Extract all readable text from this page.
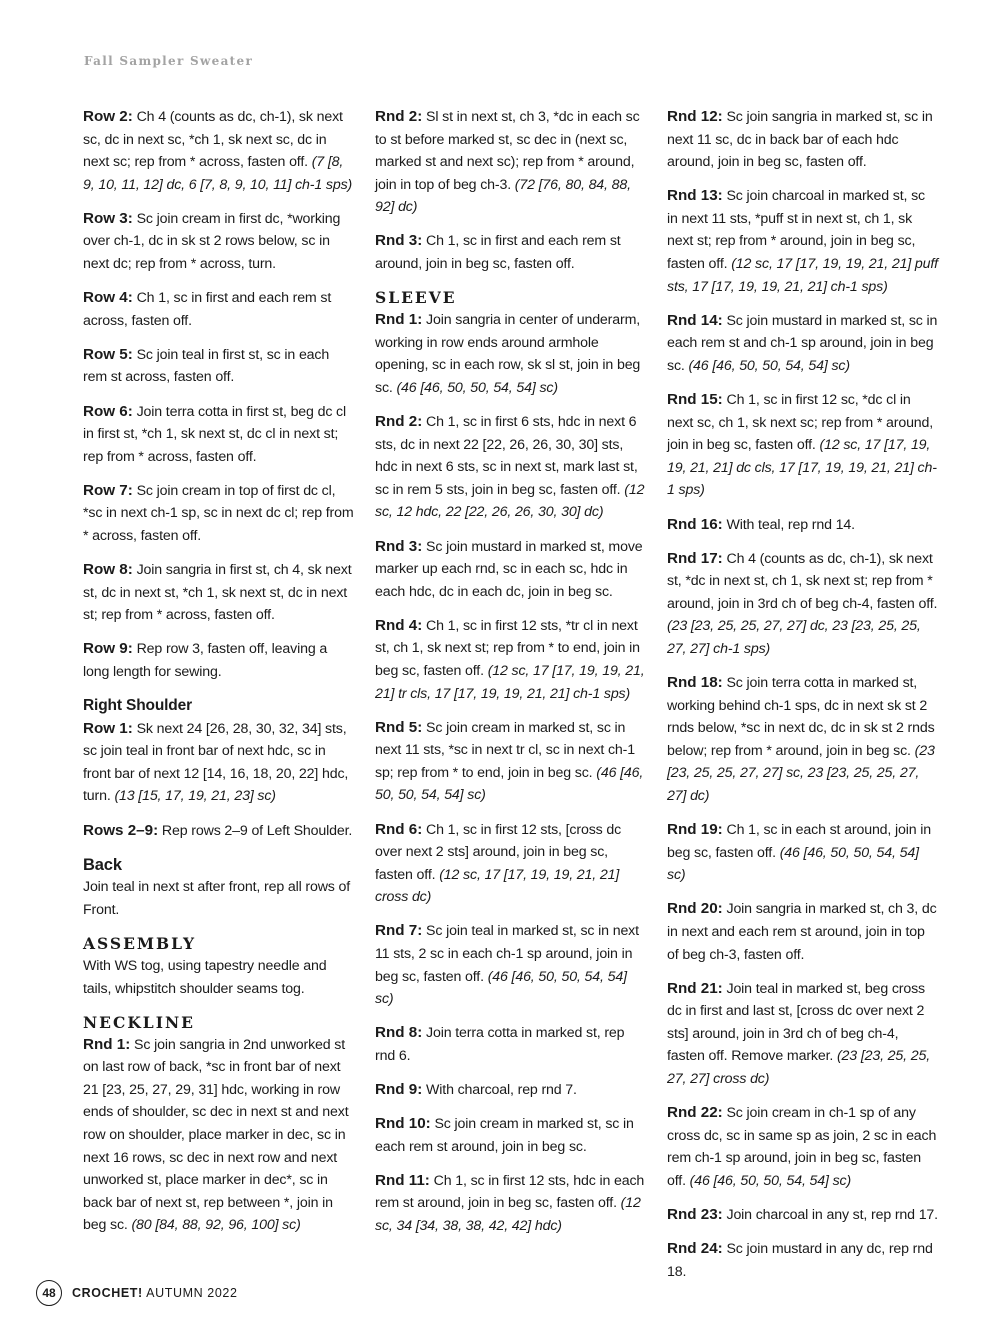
Fall Sampler Sweater

Row 2: Ch 4 (counts as dc, ch-1), sk next sc, dc in next sc, *ch 1, sk next sc, dc in next sc; rep from * across, fasten off. (7 [8, 9, 10, 11, 12] dc, 6 [7, 8, 9, 10, 11] ch-1 sps)

Row 3: Sc join cream in first dc, *working over ch-1, dc in sk st 2 rows below, sc in next dc; rep from * across, turn.

Row 4: Ch 1, sc in first and each rem st across, fasten off.

Row 5: Sc join teal in first st, sc in each rem st across, fasten off.

Row 6: Join terra cotta in first st, beg dc cl in first st, *ch 1, sk next st, dc cl in next st; rep from * across, fasten off.

Row 7: Sc join cream in top of first dc cl, *sc in next ch-1 sp, sc in next dc cl; rep from * across, fasten off.

Row 8: Join sangria in first st, ch 4, sk next st, dc in next st, *ch 1, sk next st, dc in next st; rep from * across, fasten off.

Row 9: Rep row 3, fasten off, leaving a long length for sewing.

Right Shoulder

Row 1: Sk next 24 [26, 28, 30, 32, 34] sts, sc join teal in front bar of next hdc, sc in front bar of next 12 [14, 16, 18, 20, 22] hdc, turn. (13 [15, 17, 19, 21, 23] sc)

Rows 2–9: Rep rows 2–9 of Left Shoulder.

Back

Join teal in next st after front, rep all rows of Front.

ASSEMBLY

With WS tog, using tapestry needle and tails, whipstitch shoulder seams tog.

NECKLINE

Rnd 1: Sc join sangria in 2nd unworked st on last row of back, *sc in front bar of next 21 [23, 25, 27, 29, 31] hdc, working in row ends of shoulder, sc dec in next st and next row on shoulder, place marker in dec, sc in next 16 rows, sc dec in next row and next unworked st, place marker in dec*, sc in back bar of next st, rep between *, join in beg sc. (80 [84, 88, 92, 96, 100] sc)

Rnd 2: Sl st in next st, ch 3, *dc in each sc to st before marked st, sc dec in (next sc, marked st and next sc); rep from * around, join in top of beg ch-3. (72 [76, 80, 84, 88, 92] dc)

Rnd 3: Ch 1, sc in first and each rem st around, join in beg sc, fasten off.

SLEEVE

Rnd 1: Join sangria in center of underarm, working in row ends around armhole opening, sc in each row, sk sl st, join in beg sc. (46 [46, 50, 50, 54, 54] sc)

Rnd 2: Ch 1, sc in first 6 sts, hdc in next 6 sts, dc in next 22 [22, 26, 26, 30, 30] sts, hdc in next 6 sts, sc in next st, mark last st, sc in rem 5 sts, join in beg sc, fasten off. (12 sc, 12 hdc, 22 [22, 26, 26, 30, 30] dc)

Rnd 3: Sc join mustard in marked st, move marker up each rnd, sc in each sc, hdc in each hdc, dc in each dc, join in beg sc.

Rnd 4: Ch 1, sc in first 12 sts, *tr cl in next st, ch 1, sk next st; rep from * to end, join in beg sc, fasten off. (12 sc, 17 [17, 19, 19, 21, 21] tr cls, 17 [17, 19, 19, 21, 21] ch-1 sps)

Rnd 5: Sc join cream in marked st, sc in next 11 sts, *sc in next tr cl, sc in next ch-1 sp; rep from * to end, join in beg sc. (46 [46, 50, 50, 54, 54] sc)

Rnd 6: Ch 1, sc in first 12 sts, [cross dc over next 2 sts] around, join in beg sc, fasten off. (12 sc, 17 [17, 19, 19, 21, 21] cross dc)

Rnd 7: Sc join teal in marked st, sc in next 11 sts, 2 sc in each ch-1 sp around, join in beg sc, fasten off. (46 [46, 50, 50, 54, 54] sc)

Rnd 8: Join terra cotta in marked st, rep rnd 6.

Rnd 9: With charcoal, rep rnd 7.

Rnd 10: Sc join cream in marked st, sc in each rem st around, join in beg sc.

Rnd 11: Ch 1, sc in first 12 sts, hdc in each rem st around, join in beg sc, fasten off. (12 sc, 34 [34, 38, 38, 42, 42] hdc)

Rnd 12: Sc join sangria in marked st, sc in next 11 sc, dc in back bar of each hdc around, join in beg sc, fasten off.

Rnd 13: Sc join charcoal in marked st, sc in next 11 sts, *puff st in next st, ch 1, sk next st; rep from * around, join in beg sc, fasten off. (12 sc, 17 [17, 19, 19, 21, 21] puff sts, 17 [17, 19, 19, 21, 21] ch-1 sps)

Rnd 14: Sc join mustard in marked st, sc in each rem st and ch-1 sp around, join in beg sc. (46 [46, 50, 50, 54, 54] sc)

Rnd 15: Ch 1, sc in first 12 sc, *dc cl in next sc, ch 1, sk next sc; rep from * around, join in beg sc, fasten off. (12 sc, 17 [17, 19, 19, 21, 21] dc cls, 17 [17, 19, 19, 21, 21] ch-1 sps)

Rnd 16: With teal, rep rnd 14.

Rnd 17: Ch 4 (counts as dc, ch-1), sk next st, *dc in next st, ch 1, sk next st; rep from * around, join in 3rd ch of beg ch-4, fasten off. (23 [23, 25, 25, 27, 27] dc, 23 [23, 25, 25, 27, 27] ch-1 sps)

Rnd 18: Sc join terra cotta in marked st, working behind ch-1 sps, dc in next sk st 2 rnds below, *sc in next dc, dc in sk st 2 rnds below; rep from * around, join in beg sc. (23 [23, 25, 25, 27, 27] sc, 23 [23, 25, 25, 27, 27] dc)

Rnd 19: Ch 1, sc in each st around, join in beg sc, fasten off. (46 [46, 50, 50, 54, 54] sc)

Rnd 20: Join sangria in marked st, ch 3, dc in next and each rem st around, join in top of beg ch-3, fasten off.

Rnd 21: Join teal in marked st, beg cross dc in first and last st, [cross dc over next 2 sts] around, join in 3rd ch of beg ch-4, fasten off. Remove marker. (23 [23, 25, 25, 27, 27] cross dc)

Rnd 22: Sc join cream in ch-1 sp of any cross dc, sc in same sp as join, 2 sc in each rem ch-1 sp around, join in beg sc, fasten off. (46 [46, 50, 50, 54, 54] sc)

Rnd 23: Join charcoal in any st, rep rnd 17.

Rnd 24: Sc join mustard in any dc, rep rnd 18.

48	CROCHET! AUTUMN 2022
